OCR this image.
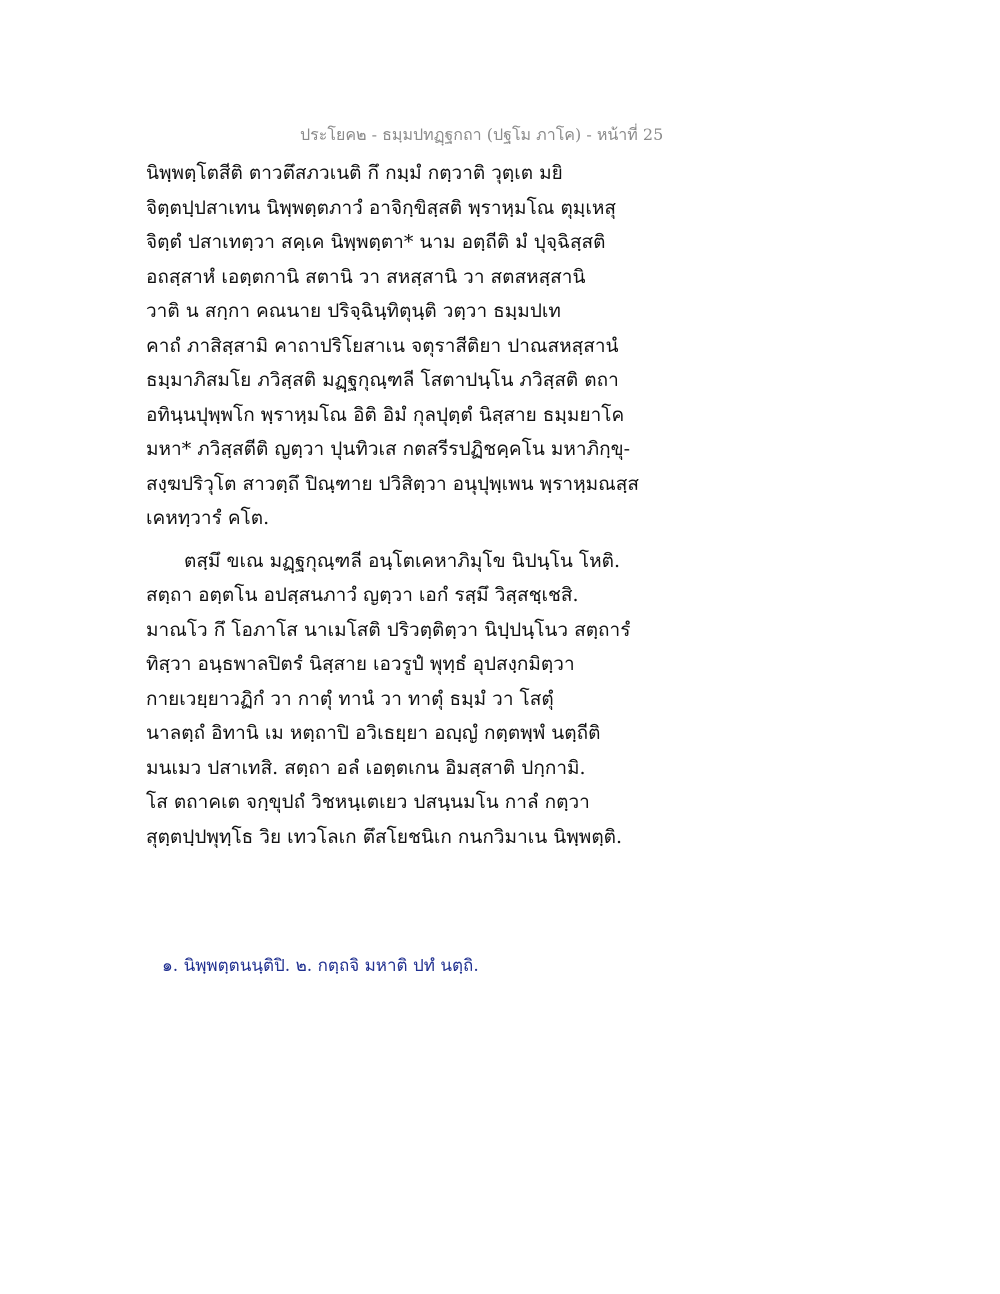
ประโยค๒ - ธมฺมปทฏฺฐกถา (ปฐโม ภาโค) - หน้าที่ 25
นิพฺพตฺโตสีติ ตาวตึสภวเนติ กึ กมฺมํ กตฺวาติ วุตฺเต มยิ
จิตฺตปฺปสาเทน นิพฺพตฺตภาวํ อาจิกฺขิสฺสติ พฺราหฺมโณ ตุมฺเหสุ
จิตฺตํ ปสาเทตฺวา สคฺเค นิพฺพตฺตา* นาม อตฺถีติ มํ ปุจฺฉิสฺสติ
อถสฺสาหํ เอตฺตกานิ สตานิ วา สหสฺสานิ วา สตสหสฺสานิ
วาติ น สกฺกา คณนาย ปริจฺฉินฺทิตุนฺติ วตฺวา ธมฺมปเท
คาถํ ภาสิสฺสามิ คาถาปริโยสาเน จตุราสีติยา ปาณสหสฺสานํ
ธมฺมาภิสมโย ภวิสฺสติ มฏฺฐกุณฺฑลี โสตาปนฺโน ภวิสฺสติ ตถา
อทินฺนปุพฺพโก พฺราหฺมโณ อิติ อิมํ กุลปุตฺตํ นิสฺสาย ธมฺมยาโค
มหา* ภวิสฺสตีติ ญตฺวา ปุนทิวเส กตสรีรปฏิชคฺคโน มหาภิกฺขุ-
สงฺฆปริวุโต สาวตฺถึ ปิณฺฑาย ปวิสิตฺวา อนุปุพฺเพน พฺราหฺมณสฺส
เคหทฺวารํ คโต.
ตสฺมึ ขเณ มฏฺฐกุณฺฑลี อนฺโตเคหาภิมุโข นิปนฺโน โหติ.
สตฺถา อตฺตโน อปสฺสนภาวํ ญตฺวา เอกํ รสฺมึ วิสฺสชฺเชสิ.
มาณโว กึ โอภาโส นาเมโสติ ปริวตฺติตฺวา นิปฺปนฺโนว สตฺถารํ
ทิสฺวา อนฺธพาลปิตรํ นิสฺสาย เอวรูปํ พุทฺธํ อุปสงฺกมิตฺวา
กายเวยฺยาวฏิกํ วา กาตุํ ทานํ วา ทาตุํ ธมฺมํ วา โสตุํ
นาลตฺถํ อิทานิ เม หตฺถาปิ อวิเธยฺยา อญฺญํ กตฺตพฺพํ นตฺถีติ
มนเมว ปสาเทสิ. สตฺถา อลํ เอตฺตเกน อิมสฺสาติ ปกฺกามิ.
โส ตถาคเต จกฺขุปถํ วิชหนฺเตเยว ปสนฺนมโน กาลํ กตฺวา
สุตฺตปฺปพุทฺโธ วิย เทวโลเก ตึสโยชนิเก กนกวิมาเน นิพฺพตฺติ.
๑. นิพฺพตฺตนนฺติปิ. ๒. กตฺถจิ มหาติ ปทํ นตฺถิ.
